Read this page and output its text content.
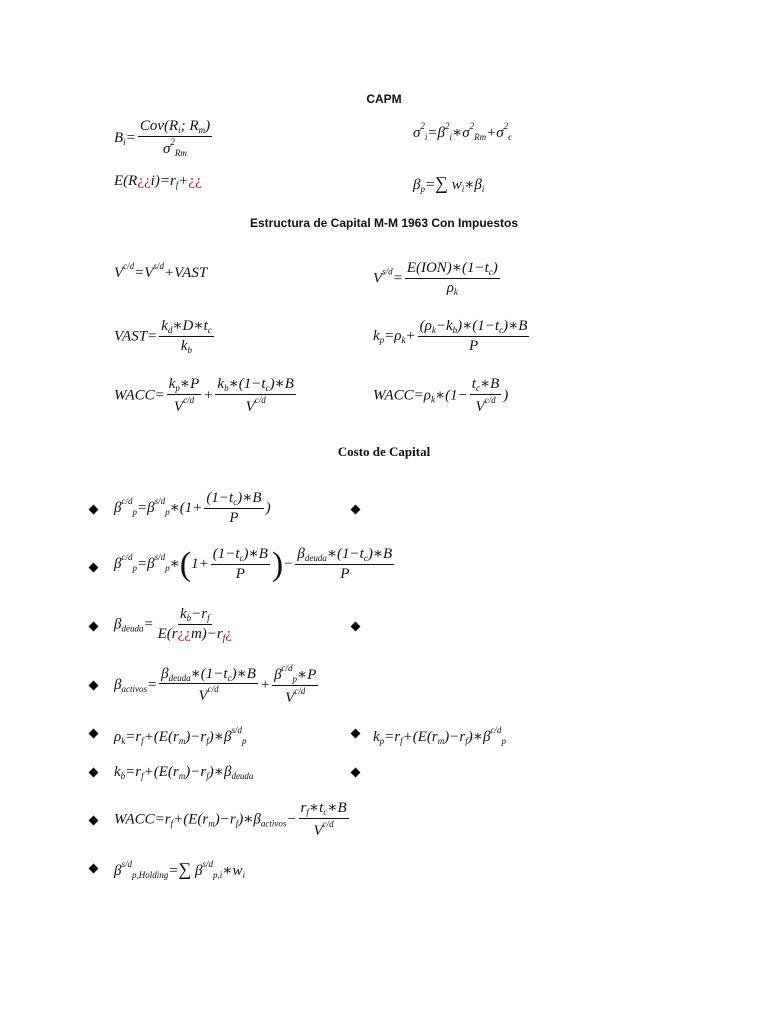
CAPM
$B_i=$
$Cov(R_i$; $R_m$)
$\sigma^2_{Rm}$
$\sigma^2_i=\beta^2_i∗\sigma^2_{Rm}+\sigma^2_\epsilon$
$E(R¿¿i)=r_f+¿¿$	$\beta_p=\sum$ $w_i∗\beta_i$
Estructura de Capital M-M 1963 Con Impuestos
$V^{c/d}=V^{s/d}+VAST$	$V^{s/d}=$
$E(ION)∗(1-t_c)$
$\rho_k$
VAST= $\frac{k_d∗D∗t_c}{k_b}$	$k_p=\rho_k+ \frac{(\rho_k-k_b)∗(1-t_c)∗B}{P}$
WACC= $\frac{k_p∗P}{V^{c/d}} + \frac{k_b∗(1-t_c)∗B}{V^{c/d}}$	$WACC=\rho_k∗(1- \frac{t_c∗B}{V^{c/d}}$ )
Costo de Capital
$\beta^{c/d}_p=\beta^{s/d}_p∗(1+ \frac{(1-t_c)∗B}{P}$ )
$\beta^{c/d}_p=\beta^{s/d}_p∗(1+ \frac{(1-t_c)∗B}{P}$ )−
$\beta_{deuda}∗(1-t_c)∗B$
P
$\beta_{deuda}= \frac{k_b-r_f}{E(r¿¿m)-r_f¿}$
$\beta_{activos}=$
$\beta_{deuda}∗(1-t_c)∗B$
$V^{c/d}$	+ $\frac{\beta^{c/d}_p∗P}{V^{c/d}}$
$\rho_k=r_f+(E(r_m)-r_f)∗\beta^{s/d}_p$	$k_p=r_f+(E(r_m)-r_f)∗\beta^{c/d}_p$
$k_b=r_f+(E(r_m)-r_f)∗\beta_{deuda}$
$WACC=r_f+(E(r_m)-r_f)∗\beta_{activos}- \frac{r_f∗t_c∗B}{V^{c/d}}$
$\beta^{s/d}_{p,Holding}=\sum$ $\beta^{s/d}_{p,i}∗w_i$
